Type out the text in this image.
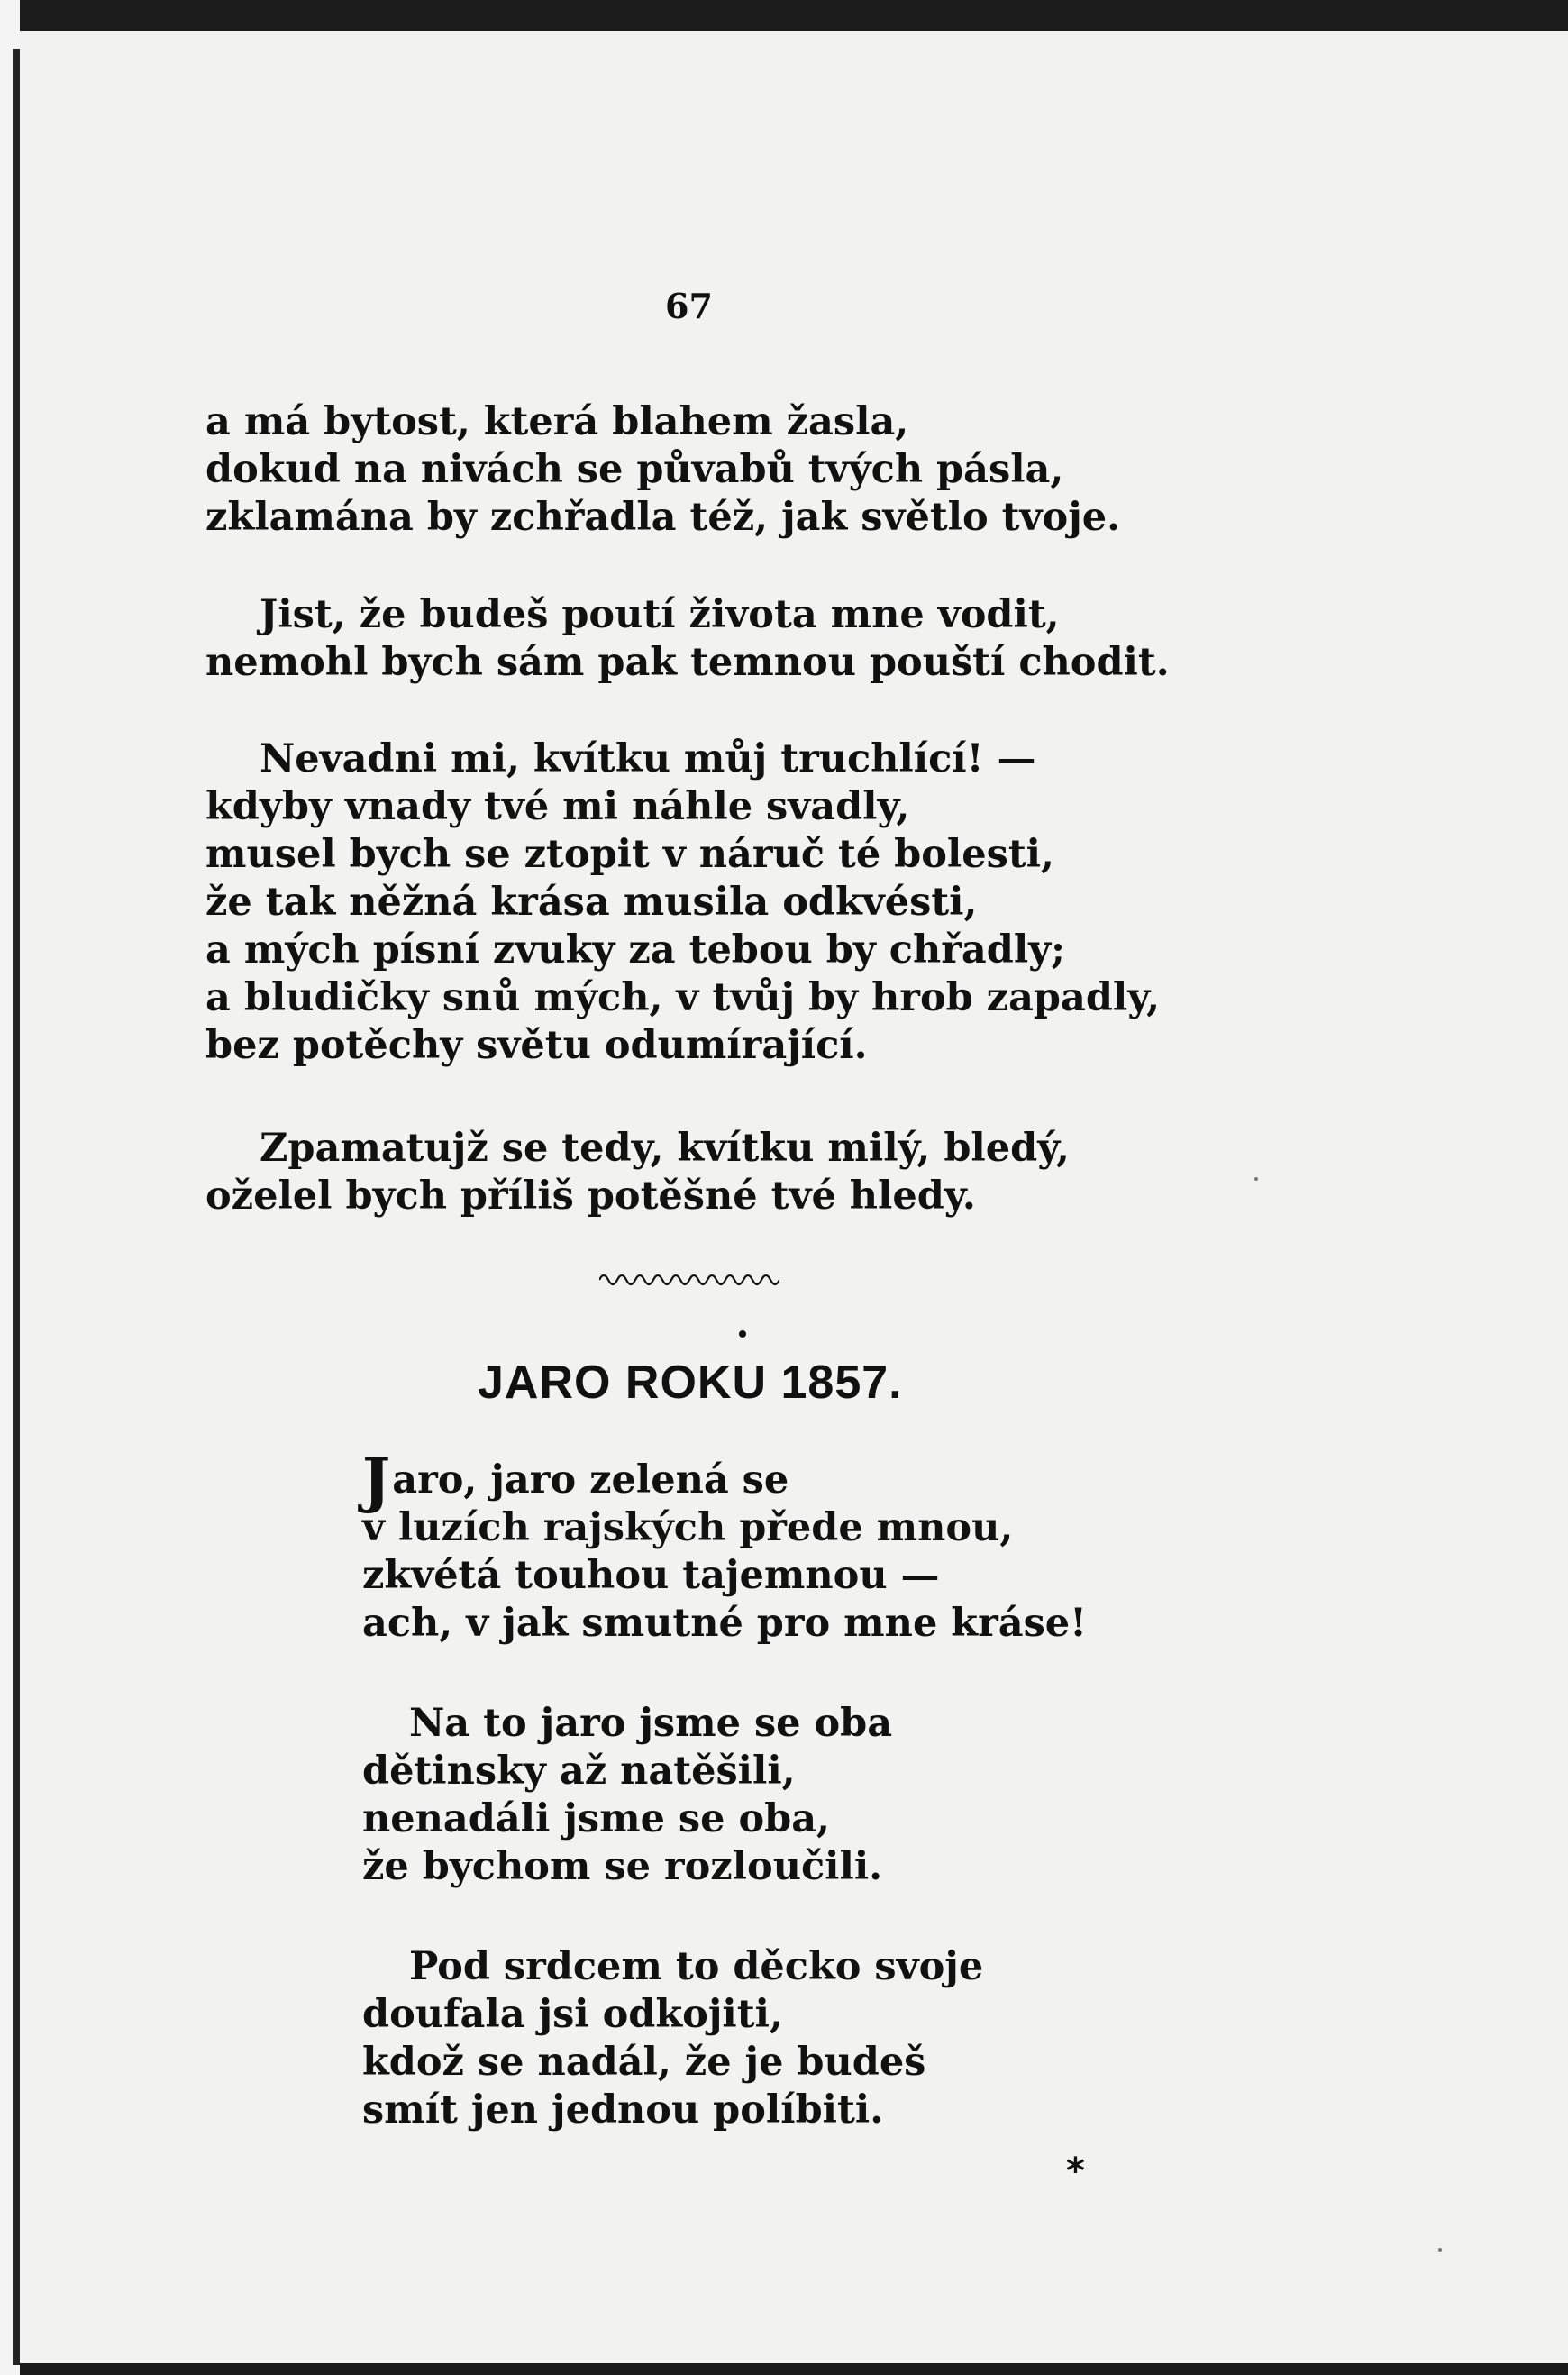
67
a má bytost, která blahem žasla,
dokud na nivách se půvabů tvých pásla,
zklamána by zchřadla též, jak světlo tvoje.
Jist, že budeš poutí života mne vodit,
nemohl bych sám pak temnou pouští chodit.
Nevadni mi, kvítku můj truchlící! —
kdyby vnady tvé mi náhle svadly,
musel bych se ztopit v náruč té bolesti,
že tak něžná krása musila odkvésti,
a mých písní zvuky za tebou by chřadly;
a bludičky snů mých, v tvůj by hrob zapadly,
bez potěchy světu odumírající.
Zpamatujž se tedy, kvítku milý, bledý,
oželel bych příliš potěšné tvé hledy.
JARO ROKU 1857.
Jaro, jaro zelená se
v luzích rajských přede mnou,
zkvétá touhou tajemnou —
ach, v jak smutné pro mne kráse!
Na to jaro jsme se oba
dětinsky až natěšili,
nenadáli jsme se oba,
že bychom se rozloučili.
Pod srdcem to děcko svoje
doufala jsi odkojiti,
kdož se nadál, že je budeš
smít jen jednou políbiti.
*
